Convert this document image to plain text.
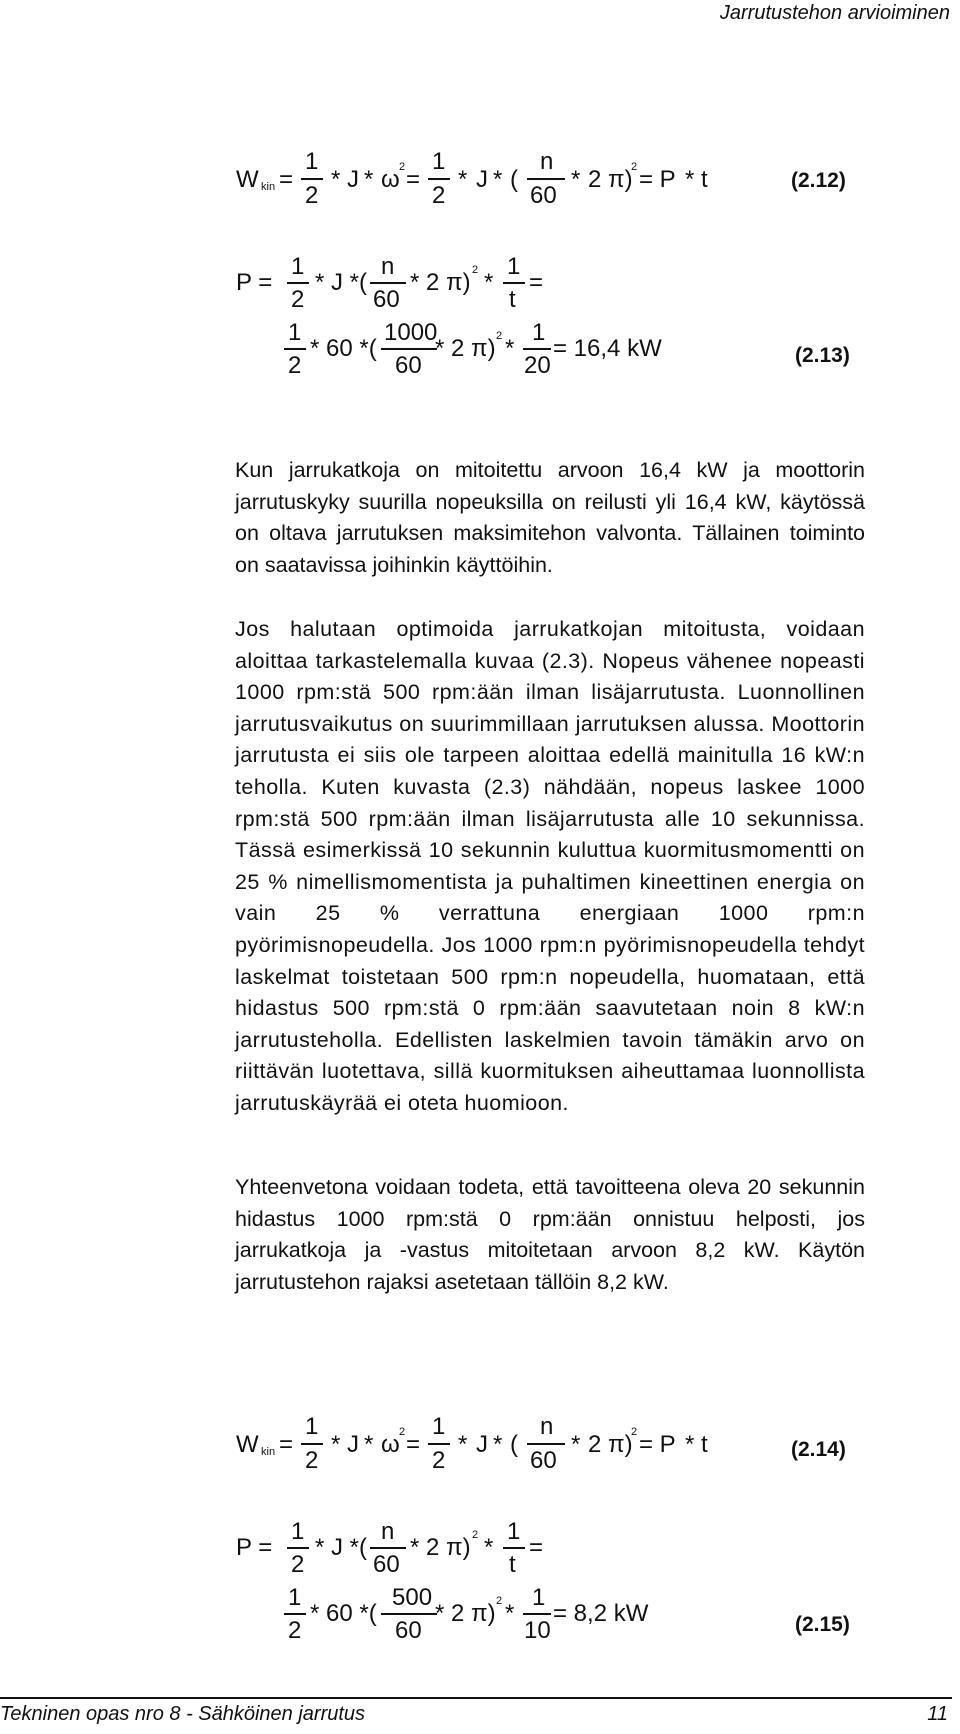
Jarrutustehon arvioiminen
W kin =
1
2
* J * ω 2 =
1
2
* J * (
n
60
* 2 π)
2 = P * t	(2.12)
P =
1
2
* J *(
n
60
* 2 π) 2 *
1
t
=
1
2
* 60 *(
1000
60
* 2 π) 2 *
1
20
= 16,4 kW	(2.13)

Kun jarrukatkoja on mitoitettu arvoon 16,4 kW ja moottorin jarrutuskyky suurilla nopeuksilla on reilusti yli 16,4 kW, käytössä on oltava jarrutuksen maksimitehon valvonta. Tällainen toiminto on saatavissa joihinkin käyttöihin.

Jos halutaan optimoida jarrukatkojan mitoitusta, voidaan aloittaa tarkastelemalla kuvaa (2.3). Nopeus vähenee nopeasti 1000 rpm:stä 500 rpm:ään ilman lisäjarrutusta. Luonnollinen jarrutusvaikutus on suurimmillaan jarrutuksen alussa. Moottorin jarrutusta ei siis ole tarpeen aloittaa edellä mainitulla 16 kW:n teholla. Kuten kuvasta (2.3) nähdään, nopeus laskee 1000 rpm:stä 500 rpm:ään ilman lisäjarrutusta alle 10 sekunnissa. Tässä esimerkissä 10 sekunnin kuluttua kuormitusmomentti on 25 % nimellismomentista ja puhaltimen kineettinen energia on vain 25 % verrattuna energiaan 1000 rpm:n pyörimisnopeudella. Jos 1000 rpm:n pyörimisnopeudella tehdyt laskelmat toistetaan 500 rpm:n nopeudella, huomataan, että hidastus 500 rpm:stä 0 rpm:ään saavutetaan noin 8 kW:n jarrutusteholla. Edellisten laskelmien tavoin tämäkin arvo on riittävän luotettava, sillä kuormituksen aiheuttamaa luonnollista jarrutuskäyrää ei oteta huomioon.

Yhteenvetona voidaan todeta, että tavoitteena oleva 20 sekunnin hidastus 1000 rpm:stä 0 rpm:ään onnistuu helposti, jos jarrukatkoja ja -vastus mitoitetaan arvoon 8,2 kW. Käytön jarrutustehon rajaksi asetetaan tällöin 8,2 kW.

W kin =
1
2
* J * ω 2 =
1
2
* J * (
n
60
* 2 π)
2 = P * t	(2.14)
P =
1
2
* J *(
n
60
* 2 π) 2 *
1
t
=
1
2
* 60 *(
500
60
* 2 π) 2 *
1
10
= 8,2 kW	(2.15)
Tekninen opas nro 8 - Sähköinen jarrutus	11
